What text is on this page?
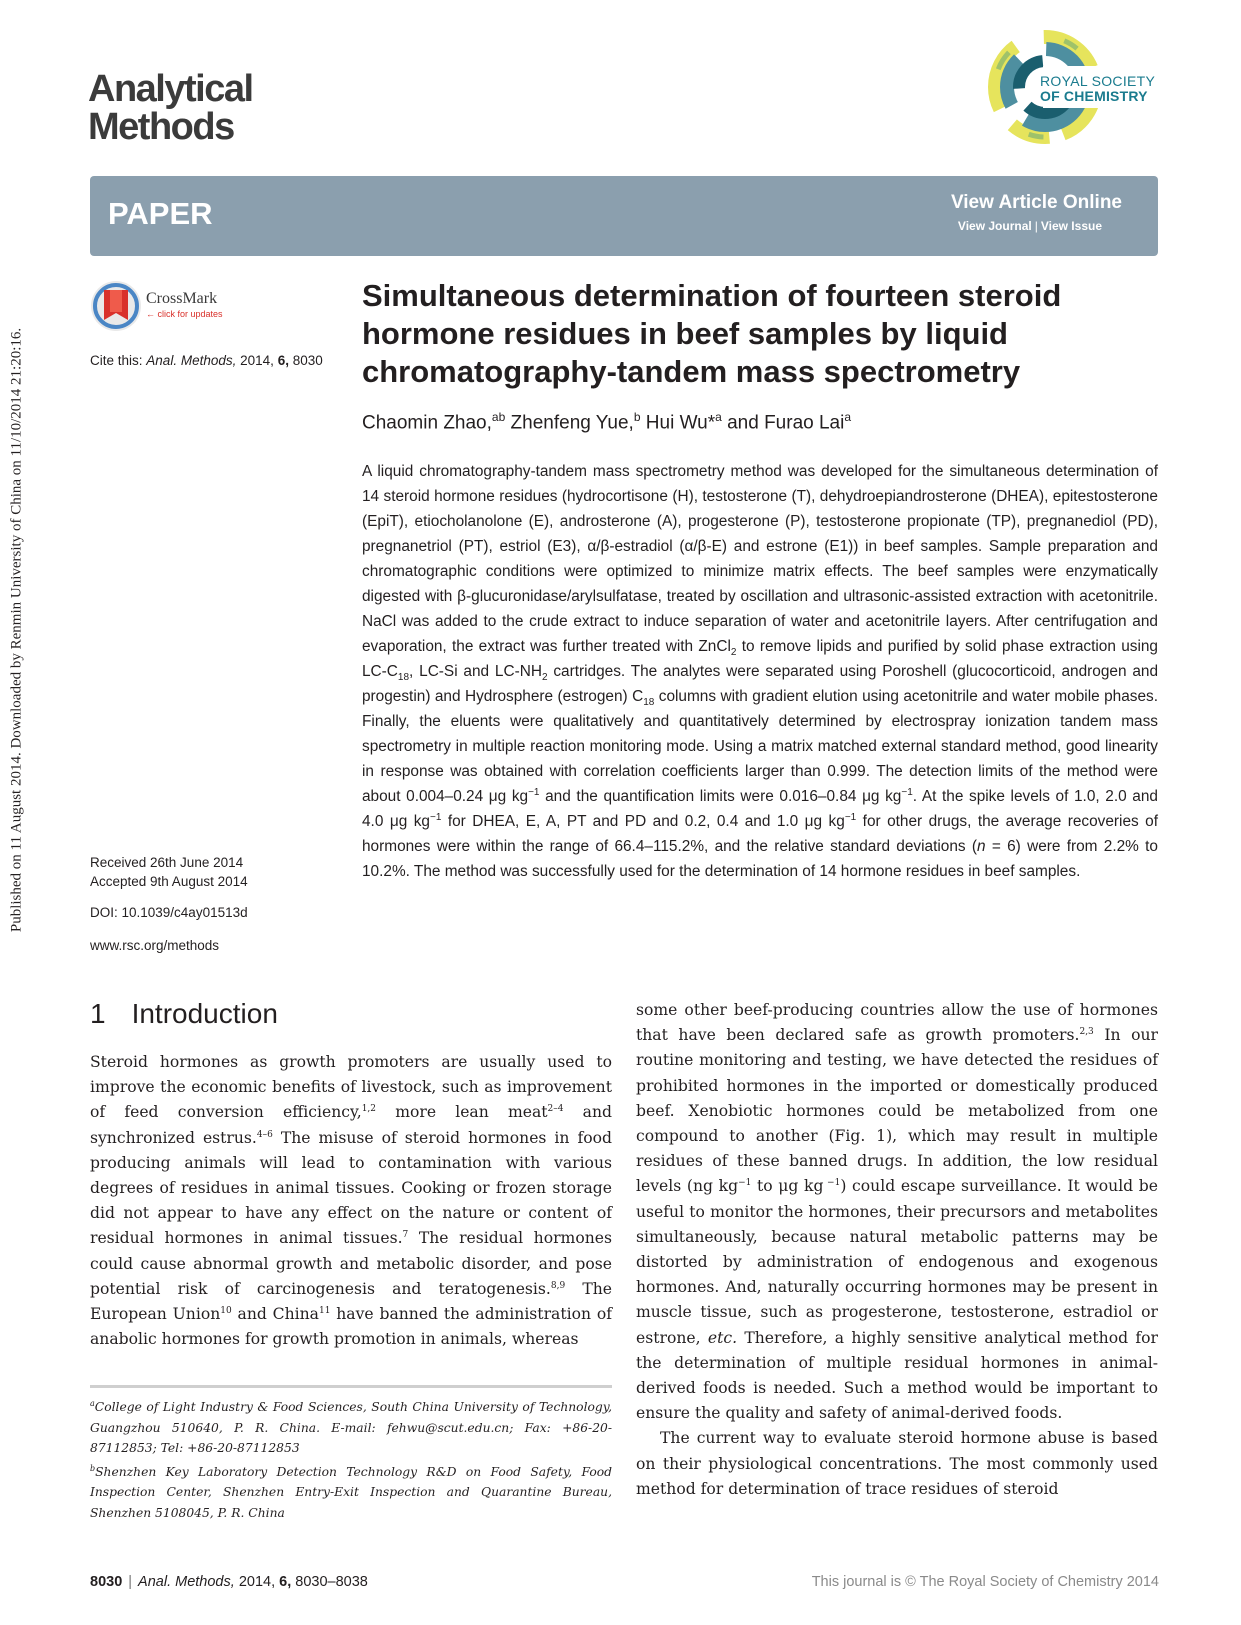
Published on 11 August 2014. Downloaded by Renmin University of China on 11/10/2014 21:20:16.
Analytical
Methods
ROYAL SOCIETY
OF CHEMISTRY
PAPER	View Article Online
View Journal | View Issue
CrossMark
← click for updates
Cite this: Anal. Methods, 2014, 6, 8030
Simultaneous determination of fourteen steroid hormone residues in beef samples by liquid chromatography-tandem mass spectrometry
Chaomin Zhao,$^{ab}$ Zhenfeng Yue,$^b$ Hui Wu*$^a$ and Furao Lai$^a$
A liquid chromatography-tandem mass spectrometry method was developed for the simultaneous determination of 14 steroid hormone residues (hydrocortisone (H), testosterone (T), dehydroepiandrosterone (DHEA), epitestosterone (EpiT), etiocholanolone (E), androsterone (A), progesterone (P), testosterone propionate (TP), pregnanediol (PD), pregnanetriol (PT), estriol (E3), α/β-estradiol (α/β-E) and estrone (E1)) in beef samples. Sample preparation and chromatographic conditions were optimized to minimize matrix effects. The beef samples were enzymatically digested with β-glucuronidase/arylsulfatase, treated by oscillation and ultrasonic-assisted extraction with acetonitrile. NaCl was added to the crude extract to induce separation of water and acetonitrile layers. After centrifugation and evaporation, the extract was further treated with ZnCl$_2$ to remove lipids and purified by solid phase extraction using $LC-C_{18}$, LC-Si and $LC-NH_2$ cartridges. The analytes were separated using Poroshell (glucocorticoid, androgen and progestin) and Hydrosphere (estrogen) $C_{18}$ columns with gradient elution using acetonitrile and water mobile phases. Finally, the eluents were qualitatively and quantitatively determined by electrospray ionization tandem mass spectrometry in multiple reaction monitoring mode. Using a matrix matched external standard method, good linearity in response was obtained with correlation coefficients larger than 0.999. The detection limits of the method were about 0.004–0.24 μg $kg^{-1}$ and the quantification limits were 0.016–0.84 μg $kg^{-1}$. At the spike levels of 1.0, 2.0 and 4.0 μg $kg^{-1}$ for DHEA, E, A, PT and PD and 0.2, 0.4 and 1.0 μg $kg^{-1}$ for other drugs, the average recoveries of hormones were within the range of 66.4–115.2%, and the relative standard deviations (n = 6) were from 2.2% to 10.2%. The method was successfully used for the determination of 14 hormone residues in beef samples.
Received 26th June 2014
Accepted 9th August 2014
DOI: 10.1039/c4ay01513d
www.rsc.org/methods
1 Introduction
Steroid hormones as growth promoters are usually used to improve the economic benefits of livestock, such as improvement of feed conversion efficiency,$^{1,2}$ more lean meat$^{2-4}$ and synchronized estrus.$^{4-6}$ The misuse of steroid hormones in food producing animals will lead to contamination with various degrees of residues in animal tissues. Cooking or frozen storage did not appear to have any effect on the nature or content of residual hormones in animal tissues.$^7$ The residual hormones could cause abnormal growth and metabolic disorder, and pose potential risk of carcinogenesis and teratogenesis.$^{8,9}$ The European Union$^{10}$ and China$^{11}$ have banned the administration of anabolic hormones for growth promotion in animals, whereas

$^a$College of Light Industry & Food Sciences, South China University of Technology, Guangzhou 510640, P. R. China. E-mail: fehwu@scut.edu.cn; Fax: +86-20-87112853; Tel: +86-20-87112853

$^b$Shenzhen Key Laboratory Detection Technology R&D on Food Safety, Food Inspection Center, Shenzhen Entry-Exit Inspection and Quarantine Bureau, Shenzhen 5108045, P. R. China

some other beef-producing countries allow the use of hormones that have been declared safe as growth promoters.$^{2,3}$ In our routine monitoring and testing, we have detected the residues of prohibited hormones in the imported or domestically produced beef. Xenobiotic hormones could be metabolized from one compound to another (Fig. 1), which may result in multiple residues of these banned drugs. In addition, the low residual levels (ng $kg^{-1}$ to μg kg $^{-1}$) could escape surveillance. It would be useful to monitor the hormones, their precursors and metabolites simultaneously, because natural metabolic patterns may be distorted by administration of endogenous and exogenous hormones. And, naturally occurring hormones may be present in muscle tissue, such as progesterone, testosterone, estradiol or estrone, etc. Therefore, a highly sensitive analytical method for the determination of multiple residual hormones in animal-derived foods is needed. Such a method would be important to ensure the quality and safety of animal-derived foods.

The current way to evaluate steroid hormone abuse is based on their physiological concentrations. The most commonly used method for determination of trace residues of steroid

8030 | Anal. Methods, 2014, 6, 8030–8038	This journal is © The Royal Society of Chemistry 2014
